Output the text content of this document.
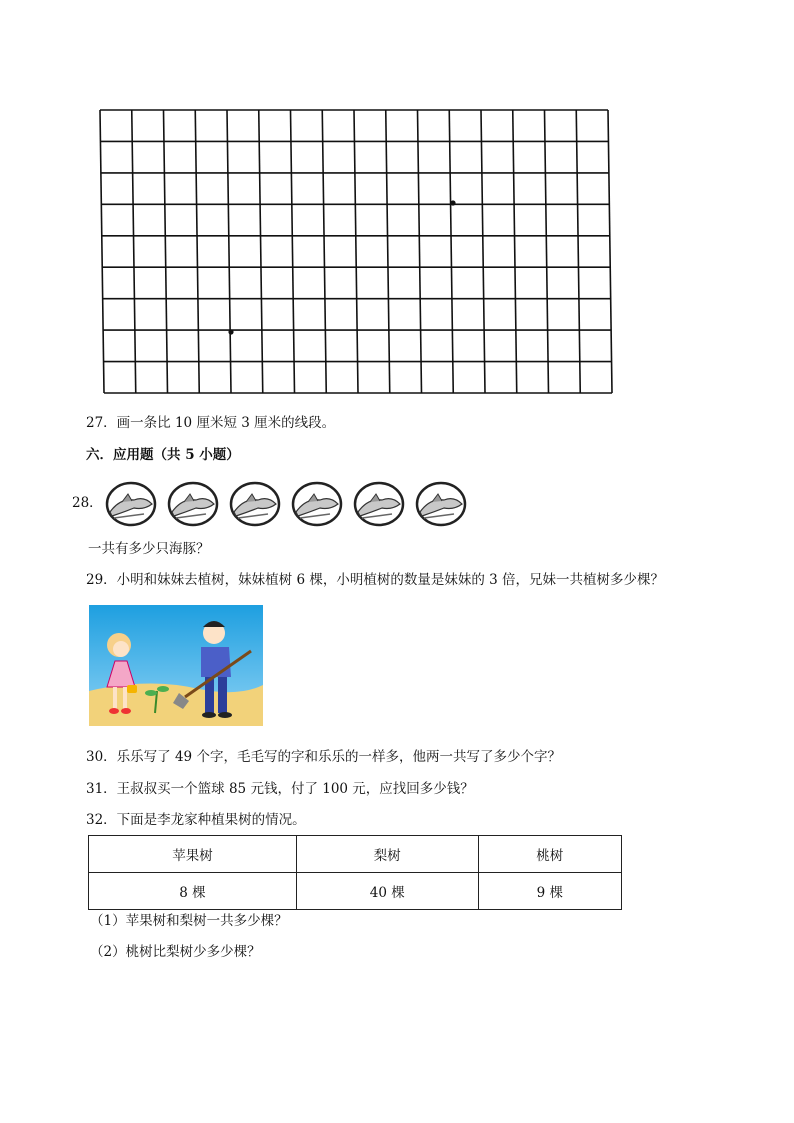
27．画一条比 10 厘米短 3 厘米的线段。
六．应用题（共 5 小题）
28．
一共有多少只海豚？
29．小明和妹妹去植树，妹妹植树 6 棵，小明植树的数量是妹妹的 3 倍，兄妹一共植树多少棵？
30．乐乐写了 49 个字，毛毛写的字和乐乐的一样多，他两一共写了多少个字？
31．王叔叔买一个篮球 85 元钱，付了 100 元，应找回多少钱？
32．下面是李龙家种植果树的情况。
苹果树	梨树	桃树
8 棵	40 棵	9 棵
（1）苹果树和梨树一共多少棵？
（2）桃树比梨树少多少棵？
